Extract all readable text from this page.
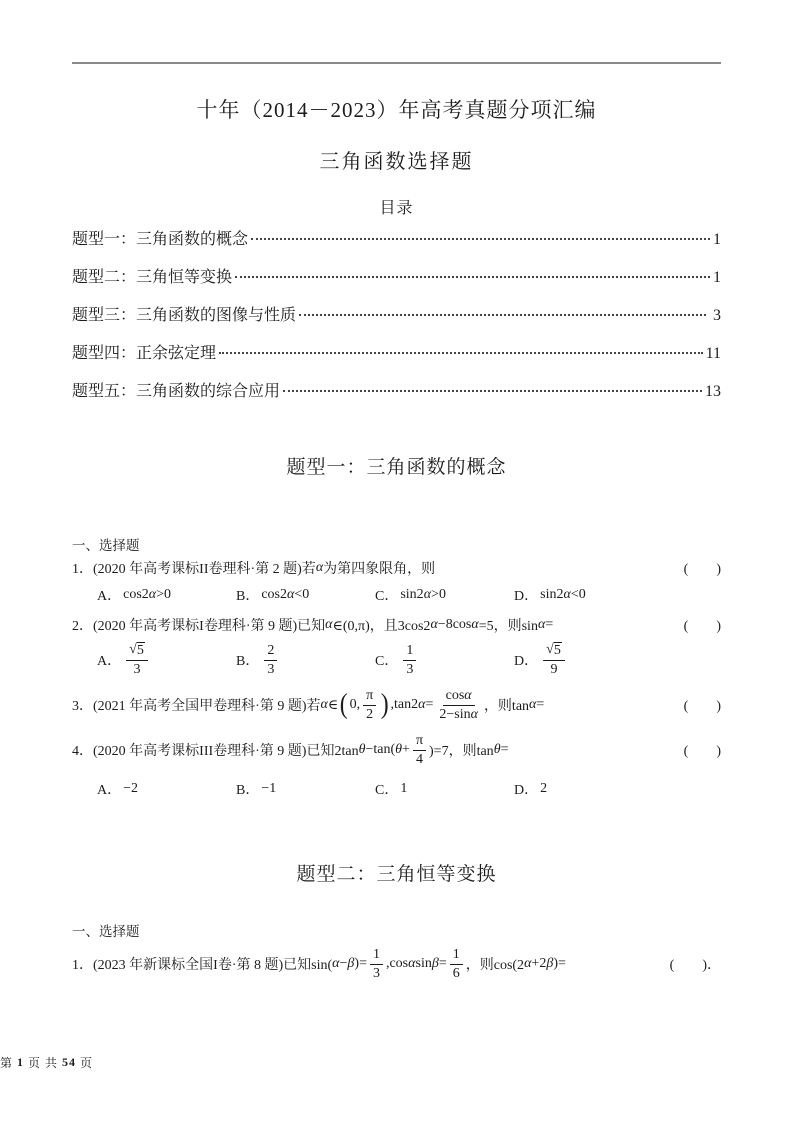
十年（2014－2023）年高考真题分项汇编
三角函数选择题
目录
题型一：三角函数的概念	1
题型二：三角恒等变换	1
题型三：三角函数的图像与性质	3
题型四：正余弦定理	11
题型五：三角函数的综合应用	13
题型一：三角函数的概念
一、选择题
1．(2020 年高考课标II卷理科·第 2 题)若 α 为第四象限角，则	(　　)
A． cos2 α >0	B． cos2 α <0	C． sin2 α >0	D． sin2 α <0
2．(2020 年高考课标I卷理科·第 9 题)已知 α ∈(0,π)，且3cos2 α −8cos α =5，则sin α =	(　　)
A． $\frac{√ 5}{3}$	B． $\frac{2}{3}$	C． $\frac{1}{3}$	D． $\frac{√ 5}{9}$
3．(2021 年高考全国甲卷理科·第 9 题)若 α ∈ ( 0, $\frac{\pi}{2}$ ) ,tan2 $\alpha = \frac{\text{cos α}}{\text{2−sin α}}$ ，则tan α =	(　　)
4．(2020 年高考课标III卷理科·第 9 题)已知2tan θ −tan( $\theta + \frac{\pi}{4} )=7$，则tan θ =	(　　)
A． −2	B． −1	C． 1	D． 2
题型二：三角恒等变换
一、选择题
1．(2023 年新课标全国I卷·第 8 题)已知sin( α − β )= $\frac{1}{3} ,\cos$ α $\sin \beta = \frac{1}{6}$ ，则cos(2 α +2 β )=	(　　)．
第 1 页 共 54 页
